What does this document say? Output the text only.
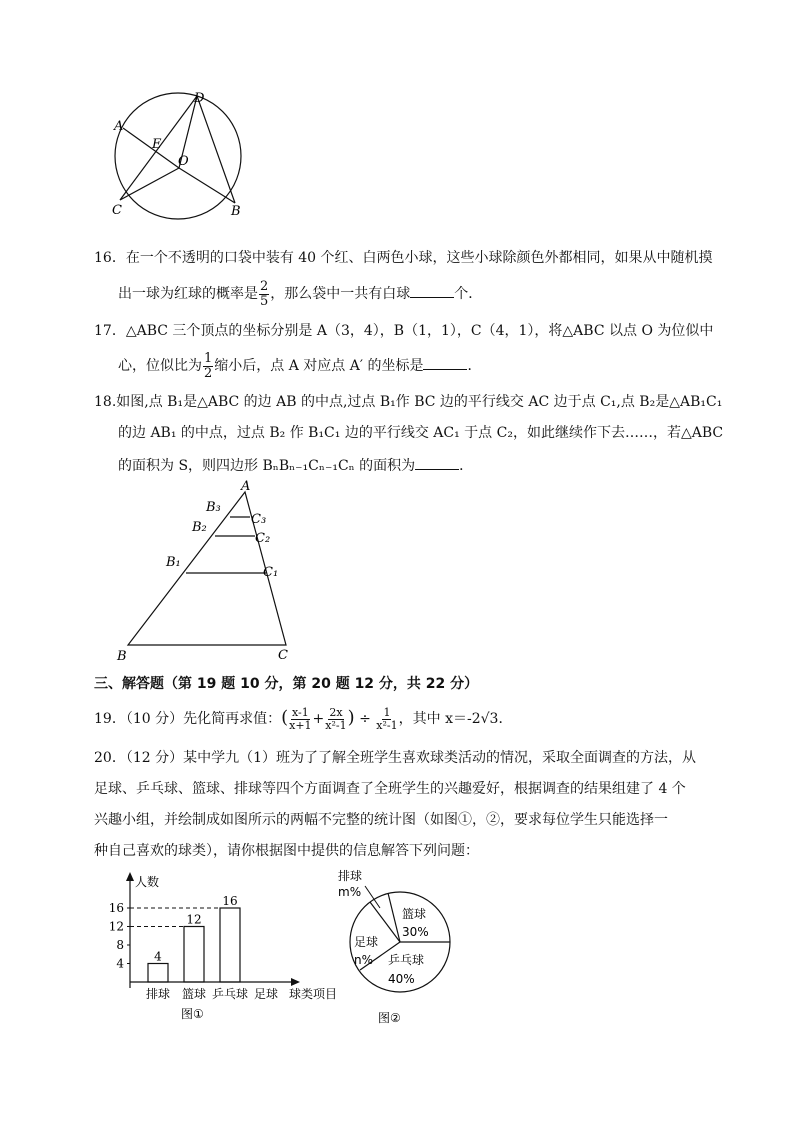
D
A
E
O
C	B
16．在一个不透明的口袋中装有 40 个红、白两色小球，这些小球除颜色外都相同，如果从中随机摸
出一球为红球的概率是 $\frac{2}{5}$ ，那么袋中一共有白球	个．
17．△ABC 三个顶点的坐标分别是 A（3，4），B（1，1），C（4，1），将△ABC 以点 O 为位似中
心，位似比为 $\frac{1}{2}$ 缩小后，点 A 对应点 A′ 的坐标是	．
18.如图,点 B₁是△ABC 的边 AB 的中点,过点 B₁作 BC 边的平行线交 AC 边于点 C₁,点 B₂是△AB₁C₁
的边 AB₁ 的中点，过点 B₂ 作 B₁C₁ 边的平行线交 AC₁ 于点 C₂，如此继续作下去……，若△ABC
的面积为 S，则四边形 BₙBₙ₋₁Cₙ₋₁Cₙ 的面积为	．
A
B₃
C₃
B₂
C₂
B₁
C₁
B	C
三、解答题（第 19 题 10 分，第 20 题 12 分，共 22 分）
19．（10 分）先化简再求值：( $\frac{x-1}{x+1} + \frac{2x}{\text{x²-1}}$ ) ÷ $\frac{1}{\text{x²-1}}$ ，其中 x＝-2√3．
20．（12 分）某中学九（1）班为了了解全班学生喜欢球类活动的情况，采取全面调查的方法，从
足球、乒乓球、篮球、排球等四个方面调查了全班学生的兴趣爱好，根据调查的结果组建了 4 个
兴趣小组，并绘制成如图所示的两幅不完整的统计图（如图①，②，要求每位学生只能选择一
种自己喜欢的球类），请你根据图中提供的信息解答下列问题：
人数
球类项目
图①
4
8
12
16
4
排球
12
篮球
16
乒乓球 足球
排球
m%
篮球
30%
足球
n% 乒乓球
40%
图②
